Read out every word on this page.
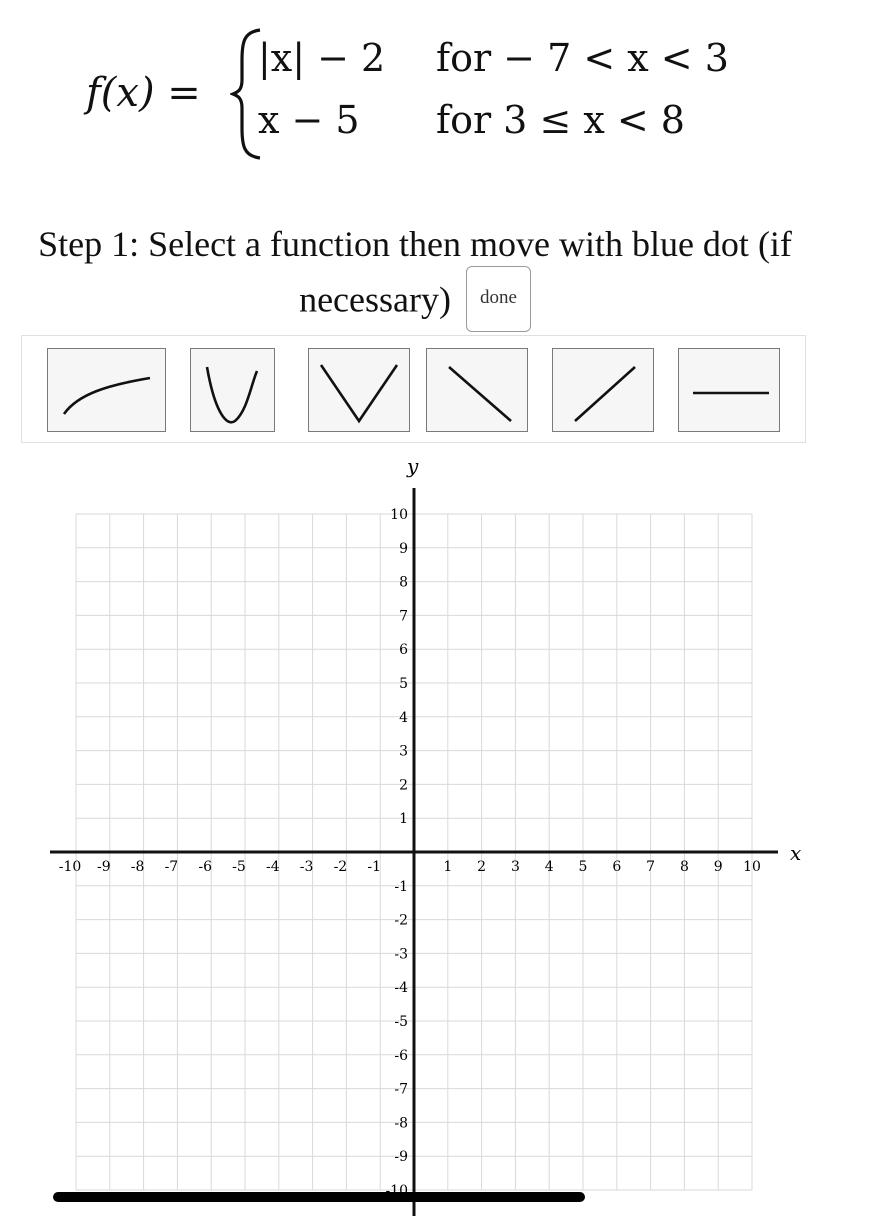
f(x) =
|x| − 2 for − 7 < x < 3
x − 5 for 3 ≤ x < 8
Step 1: Select a function then move with blue dot (if necessary) done
x
y
-10 -9 -8 -7 -6 -5 -4 -3 -2 -1	1 2 3 4 5 6 7 8 9 10
10
9
8
7
6
5
4
3
2
1
-1
-2
-3
-4
-5
-6
-7
-8
-9
-10
